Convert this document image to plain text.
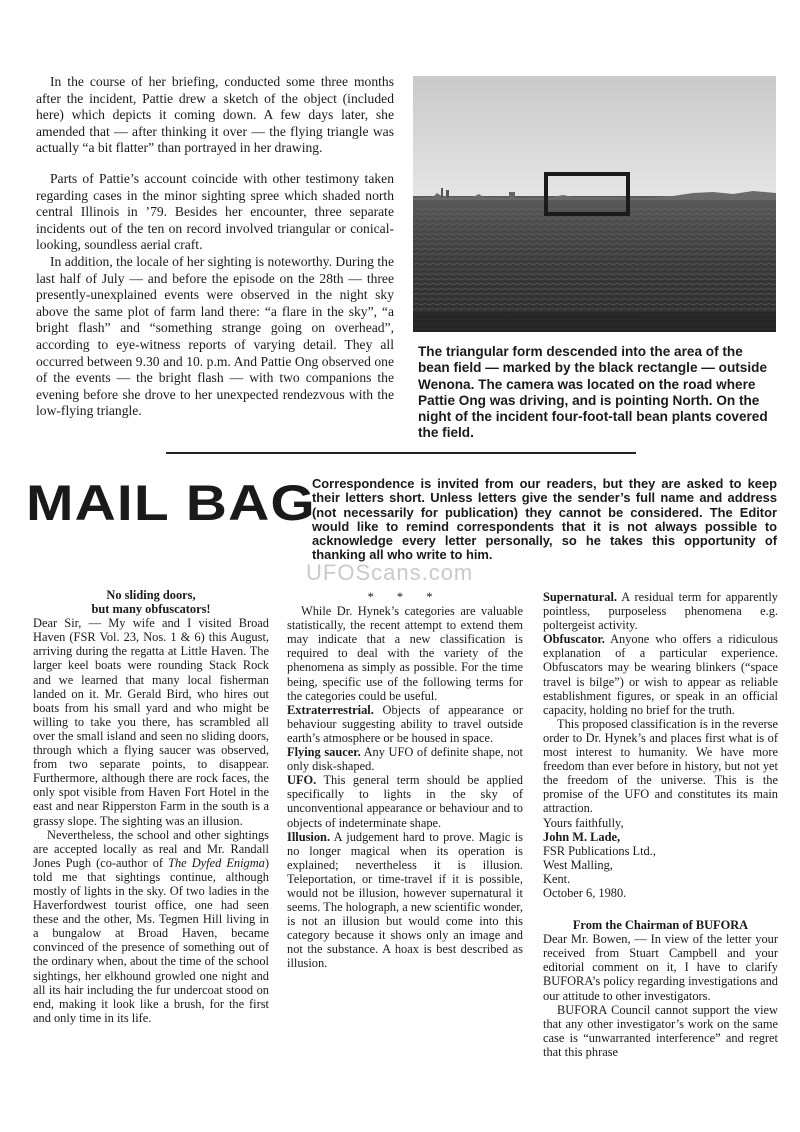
In the course of her briefing, conducted some three months after the incident, Pattie drew a sketch of the object (included here) which depicts it coming down. A few days later, she amended that — after thinking it over — the flying triangle was actually “a bit flatter” than portrayed in her drawing.

Parts of Pattie’s account coincide with other testimony taken regarding cases in the minor sighting spree which shaded north central Illinois in ’79. Besides her encounter, three separate incidents out of the ten on record involved triangular or conical-looking, soundless aerial craft.

In addition, the locale of her sighting is noteworthy. During the last half of July — and before the episode on the 28th — three presently-unexplained events were observed in the night sky above the same plot of farm land there: “a flare in the sky”, “a bright flash” and “something strange going on overhead”, according to eye-witness reports of varying detail. They all occurred between 9.30 and 10. p.m. And Pattie Ong observed one of the events — the bright flash — with two companions the evening before she drove to her unexpected rendezvous with the low-flying triangle.

The triangular form descended into the area of the bean field — marked by the black rectangle — outside Wenona. The camera was located on the road where Pattie Ong was driving, and is pointing North. On the night of the incident four-foot-tall bean plants covered the field.
MAIL BAG
Correspondence is invited from our readers, but they are asked to keep their letters short. Unless letters give the sender’s full name and address (not necessarily for publication) they cannot be considered. The Editor would like to remind correspondents that it is not always possible to acknowledge every letter personally, so he takes this opportunity of thanking all who write to him.
UFOScans.com

No sliding doors,
but many obfuscators!

Dear Sir, — My wife and I visited Broad Haven (FSR Vol. 23, Nos. 1 & 6) this August, arriving during the regatta at Little Haven. The larger keel boats were rounding Stack Rock and we learned that many local fisherman landed on it. Mr. Gerald Bird, who hires out boats from his small yard and who might be willing to take you there, has scrambled all over the small island and seen no sliding doors, through which a flying saucer was observed, from two separate points, to disappear. Furthermore, although there are rock faces, the only spot visible from Haven Fort Hotel in the east and near Ripperston Farm in the south is a grassy slope. The sighting was an illusion.

Nevertheless, the school and other sightings are accepted locally as real and Mr. Randall Jones Pugh (co-author of The Dyfed Enigma) told me that sightings continue, although mostly of lights in the sky. Of two ladies in the Haverfordwest tourist office, one had seen these and the other, Ms. Tegmen Hill living in a bungalow at Broad Haven, became convinced of the presence of something out of the ordinary when, about the time of the school sightings, her elkhound growled one night and all its hair including the fur undercoat stood on end, making it look like a brush, for the first and only time in its life.

* * *

While Dr. Hynek’s categories are valuable statistically, the recent attempt to extend them may indicate that a new classification is required to deal with the variety of the phenomena as simply as possible. For the time being, specific use of the following terms for the categories could be useful.

Extraterrestrial. Objects of appearance or behaviour suggesting ability to travel outside earth’s atmosphere or be housed in space.

Flying saucer. Any UFO of definite shape, not only disk-shaped.

UFO. This general term should be applied specifically to lights in the sky of unconventional appearance or behaviour and to objects of indeterminate shape.

Illusion. A judgement hard to prove. Magic is no longer magical when its operation is explained; nevertheless it is illusion. Teleportation, or time-travel if it is possible, would not be illusion, however supernatural it seems. The holograph, a new scientific wonder, is not an illusion but would come into this category because it shows only an image and not the substance. A hoax is best described as illusion.

Supernatural. A residual term for apparently pointless, purposeless phenomena e.g. poltergeist activity.

Obfuscator. Anyone who offers a ridiculous explanation of a particular experience. Obfuscators may be wearing blinkers (“space travel is bilge”) or wish to appear as reliable establishment figures, or speak in an official capacity, holding no brief for the truth.

This proposed classification is in the reverse order to Dr. Hynek’s and places first what is of most interest to humanity. We have more freedom than ever before in history, but not yet the freedom of the universe. This is the promise of the UFO and constitutes its main attraction.

Yours faithfully,

John M. Lade,

FSR Publications Ltd.,

West Malling,

Kent.

October 6, 1980.

From the Chairman of BUFORA

Dear Mr. Bowen, — In view of the letter your received from Stuart Campbell and your editorial comment on it, I have to clarify BUFORA’s policy regarding investigations and our attitude to other investigators.

BUFORA Council cannot support the view that any other investigator’s work on the same case is “unwarranted interference” and regret that this phrase
